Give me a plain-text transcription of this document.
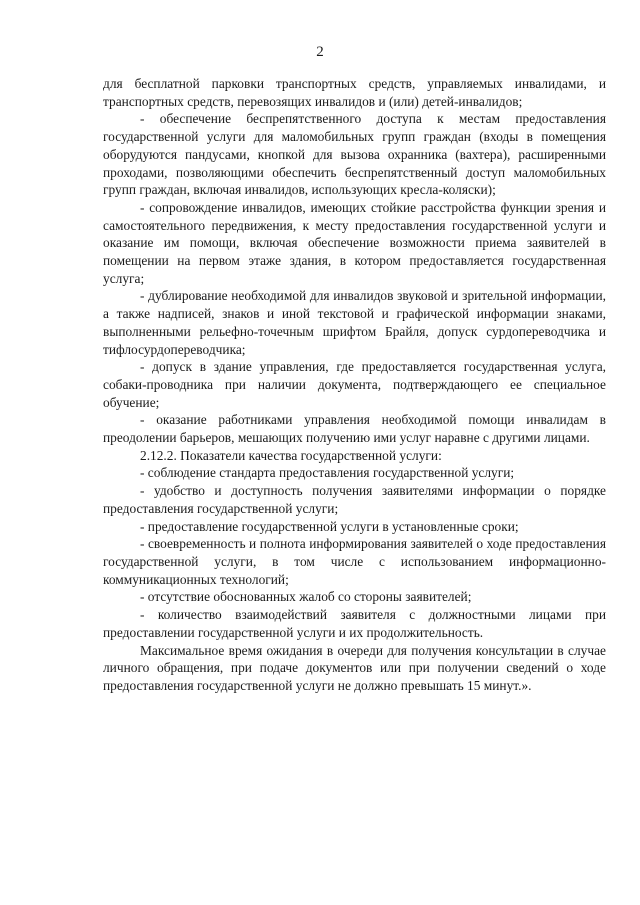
2

для бесплатной парковки транспортных средств, управляемых инвалидами, и транспортных средств, перевозящих инвалидов и (или) детей-инвалидов;

- обеспечение беспрепятственного доступа к местам предоставления государственной услуги для маломобильных групп граждан (входы в помещения оборудуются пандусами, кнопкой для вызова охранника (вахтера), расширенными проходами, позволяющими обеспечить беспрепятственный доступ маломобильных групп граждан, включая инвалидов, использующих кресла-коляски);

- сопровождение инвалидов, имеющих стойкие расстройства функции зрения и самостоятельного передвижения, к месту предоставления государственной услуги и оказание им помощи, включая обеспечение возможности приема заявителей в помещении на первом этаже здания, в котором предоставляется государственная услуга;

- дублирование необходимой для инвалидов звуковой и зрительной информации, а также надписей, знаков и иной текстовой и графической информации знаками, выполненными рельефно-точечным шрифтом Брайля, допуск сурдопереводчика и тифлосурдопереводчика;

- допуск в здание управления, где предоставляется государственная услуга, собаки-проводника при наличии документа, подтверждающего ее специальное обучение;

- оказание работниками управления необходимой помощи инвалидам в преодолении барьеров, мешающих получению ими услуг наравне с другими лицами.

2.12.2. Показатели качества государственной услуги:

- соблюдение стандарта предоставления государственной услуги;

- удобство и доступность получения заявителями информации о порядке предоставления государственной услуги;

- предоставление государственной услуги в установленные сроки;

- своевременность и полнота информирования заявителей о ходе предоставления государственной услуги, в том числе с использованием информационно-коммуникационных технологий;

- отсутствие обоснованных жалоб со стороны заявителей;

- количество взаимодействий заявителя с должностными лицами при предоставлении государственной услуги и их продолжительность.

Максимальное время ожидания в очереди для получения консультации в случае личного обращения, при подаче документов или при получении сведений о ходе предоставления государственной услуги не должно превышать 15 минут.».
